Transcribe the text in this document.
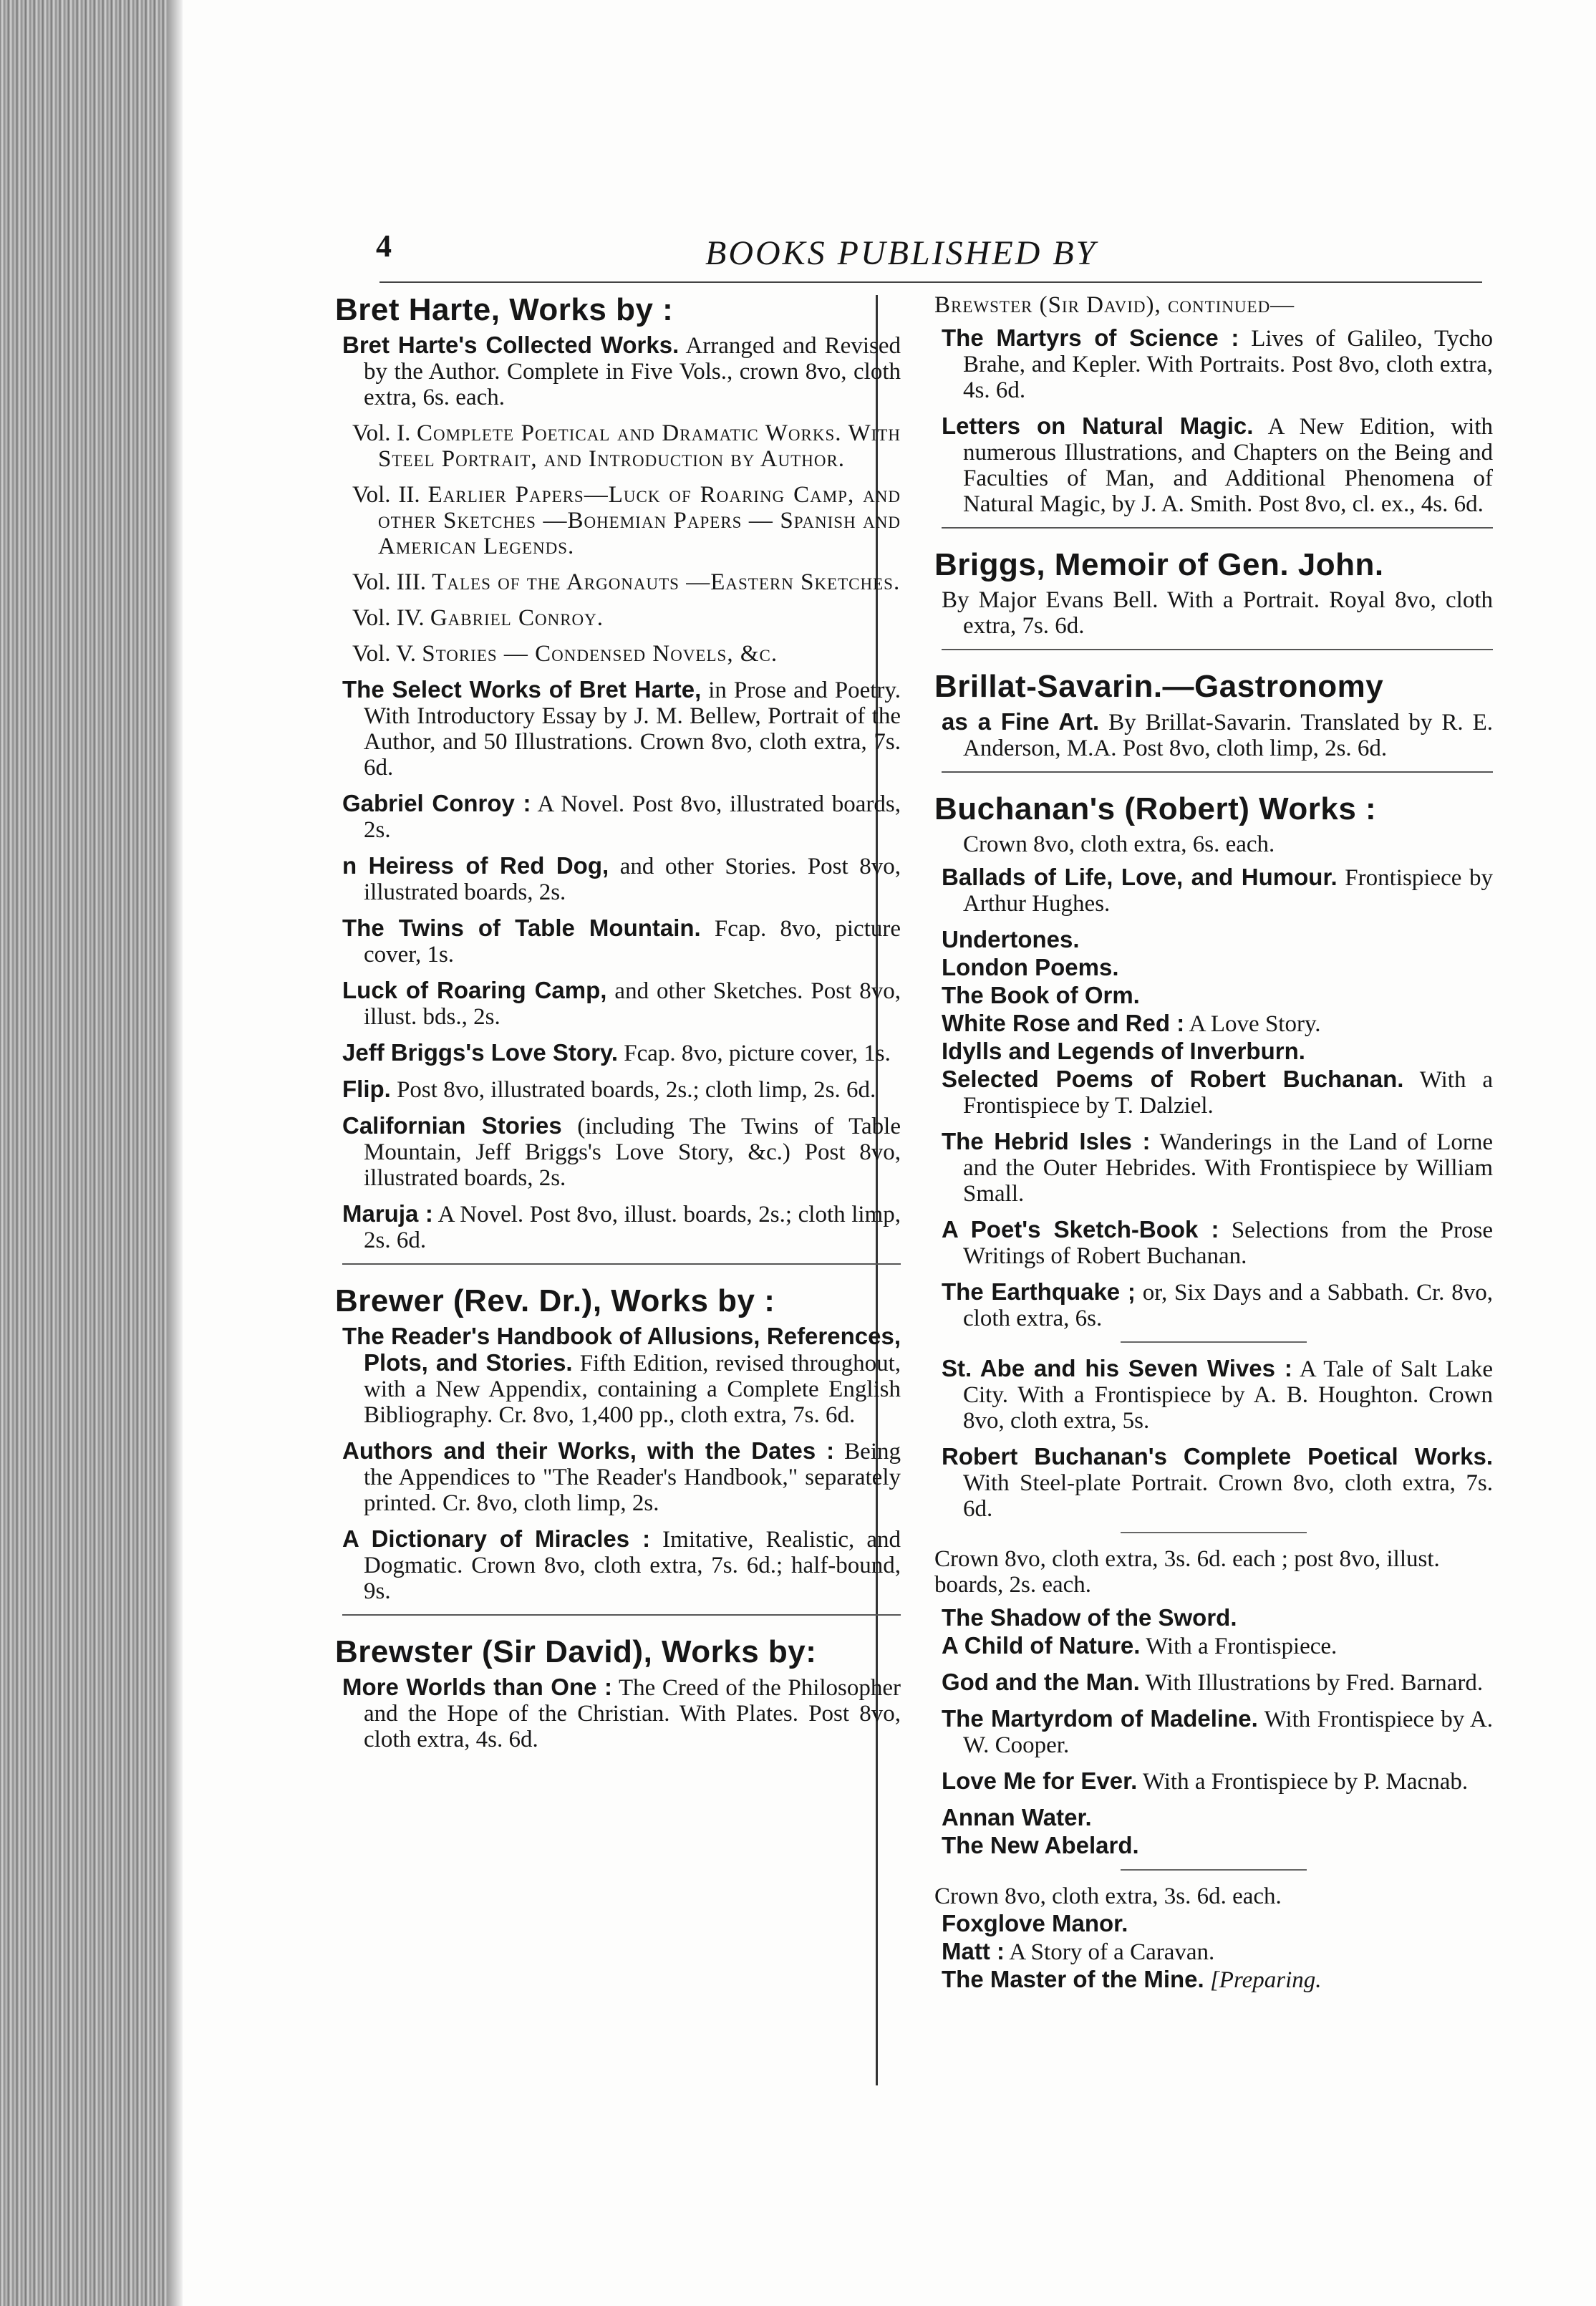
4	BOOKS PUBLISHED BY
Bret Harte, Works by :

Bret Harte's Collected Works. Arranged and Revised by the Author. Complete in Five Vols., crown 8vo, cloth extra, 6s. each.

Vol. I. Complete Poetical and Dramatic Works. With Steel Portrait, and Introduction by Author.

Vol. II. Earlier Papers—Luck of Roaring Camp, and other Sketches —Bohemian Papers — Spanish and American Legends.

Vol. III. Tales of the Argonauts —Eastern Sketches.

Vol. IV. Gabriel Conroy.

Vol. V. Stories — Condensed Novels, &c.

The Select Works of Bret Harte, in Prose and Poetry. With Introductory Essay by J. M. Bellew, Portrait of the Author, and 50 Illustrations. Crown 8vo, cloth extra, 7s. 6d.

Gabriel Conroy : A Novel. Post 8vo, illustrated boards, 2s.

n Heiress of Red Dog, and other Stories. Post 8vo, illustrated boards, 2s.

The Twins of Table Mountain. Fcap. 8vo, picture cover, 1s.

Luck of Roaring Camp, and other Sketches. Post 8vo, illust. bds., 2s.

Jeff Briggs's Love Story. Fcap. 8vo, picture cover, 1s.

Flip. Post 8vo, illustrated boards, 2s.; cloth limp, 2s. 6d.

Californian Stories (including The Twins of Table Mountain, Jeff Briggs's Love Story, &c.) Post 8vo, illustrated boards, 2s.

Maruja : A Novel. Post 8vo, illust. boards, 2s.; cloth limp, 2s. 6d.

Brewer (Rev. Dr.), Works by :

The Reader's Handbook of Allusions, References, Plots, and Stories. Fifth Edition, revised throughout, with a New Appendix, containing a Complete English Bibliography. Cr. 8vo, 1,400 pp., cloth extra, 7s. 6d.

Authors and their Works, with the Dates : Being the Appendices to "The Reader's Handbook," separately printed. Cr. 8vo, cloth limp, 2s.

A Dictionary of Miracles : Imitative, Realistic, and Dogmatic. Crown 8vo, cloth extra, 7s. 6d.; half-bound, 9s.

Brewster (Sir David), Works by:

More Worlds than One : The Creed of the Philosopher and the Hope of the Christian. With Plates. Post 8vo, cloth extra, 4s. 6d.

Brewster (Sir David), continued—

The Martyrs of Science : Lives of Galileo, Tycho Brahe, and Kepler. With Portraits. Post 8vo, cloth extra, 4s. 6d.

Letters on Natural Magic. A New Edition, with numerous Illustrations, and Chapters on the Being and Faculties of Man, and Additional Phenomena of Natural Magic, by J. A. Smith. Post 8vo, cl. ex., 4s. 6d.

Briggs, Memoir of Gen. John.

By Major Evans Bell. With a Portrait. Royal 8vo, cloth extra, 7s. 6d.

Brillat-Savarin.—Gastronomy

as a Fine Art. By Brillat-Savarin. Translated by R. E. Anderson, M.A. Post 8vo, cloth limp, 2s. 6d.

Buchanan's (Robert) Works :

Crown 8vo, cloth extra, 6s. each.

Ballads of Life, Love, and Humour. Frontispiece by Arthur Hughes.

Undertones.

London Poems.

The Book of Orm.

White Rose and Red : A Love Story.

Idylls and Legends of Inverburn.

Selected Poems of Robert Buchanan. With a Frontispiece by T. Dalziel.

The Hebrid Isles : Wanderings in the Land of Lorne and the Outer Hebrides. With Frontispiece by William Small.

A Poet's Sketch-Book : Selections from the Prose Writings of Robert Buchanan.

The Earthquake ; or, Six Days and a Sabbath. Cr. 8vo, cloth extra, 6s.

St. Abe and his Seven Wives : A Tale of Salt Lake City. With a Frontispiece by A. B. Houghton. Crown 8vo, cloth extra, 5s.

Robert Buchanan's Complete Poetical Works. With Steel-plate Portrait. Crown 8vo, cloth extra, 7s. 6d.

Crown 8vo, cloth extra, 3s. 6d. each ; post 8vo, illust. boards, 2s. each.

The Shadow of the Sword.

A Child of Nature. With a Frontispiece.

God and the Man. With Illustrations by Fred. Barnard.

The Martyrdom of Madeline. With Frontispiece by A. W. Cooper.

Love Me for Ever. With a Frontispiece by P. Macnab.

Annan Water.

The New Abelard.

Crown 8vo, cloth extra, 3s. 6d. each.

Foxglove Manor.

Matt : A Story of a Caravan.

The Master of the Mine. [Preparing.
